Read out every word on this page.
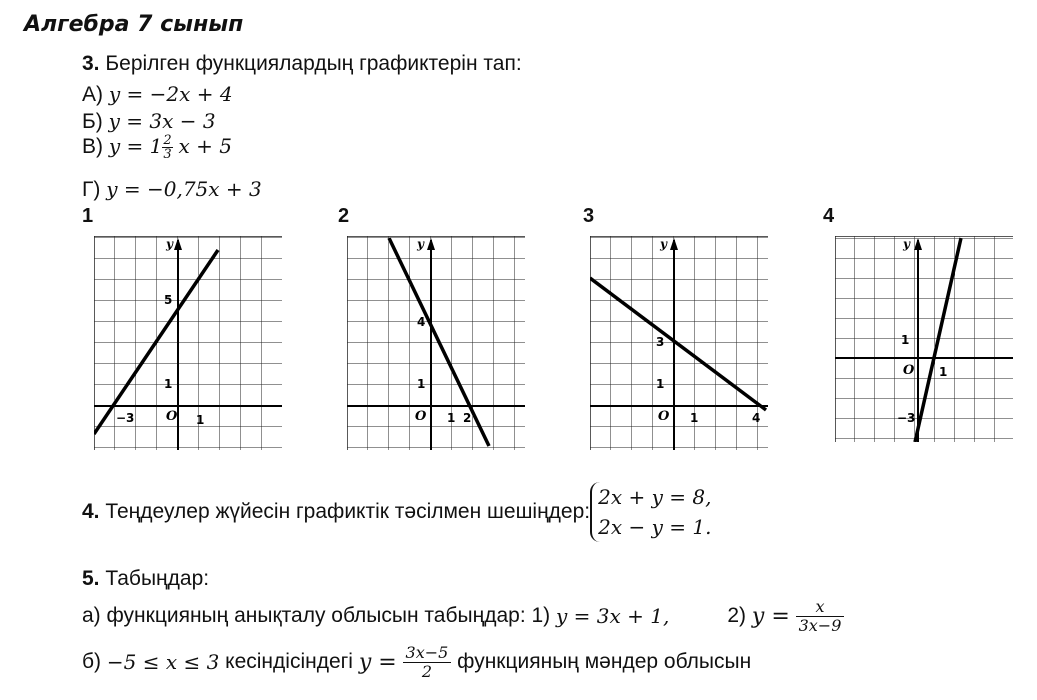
Алгебра 7 сынып
3. Берілген функциялардың графиктерін тап:
А) y = −2x + 4
Б) y = 3x − 3
В) $y = 1 \frac{2}{3}$ x + 5
Г) y = −0,75x + 3
1	2	3	4
y
O
5
1
−3	1
y
O
4
1
1 2
y
O
3
1
1	4
y
O
1
1
−3
4.
Теңдеулер жүйесін графиктік тәсілмен шешіңдер:
2x + y = 8,
2x − y = 1.
5. Табыңдар:
а) функцияның анықталу облысын табыңдар: 1)
y = 3x + 1,	2)
y =
$\frac{x}{3x-9}$
б)
−5 ≤ x ≤ 3
кесіндісіндегі
y =
$\frac{3x-5}{2}$
функцияның мәндер облысын
